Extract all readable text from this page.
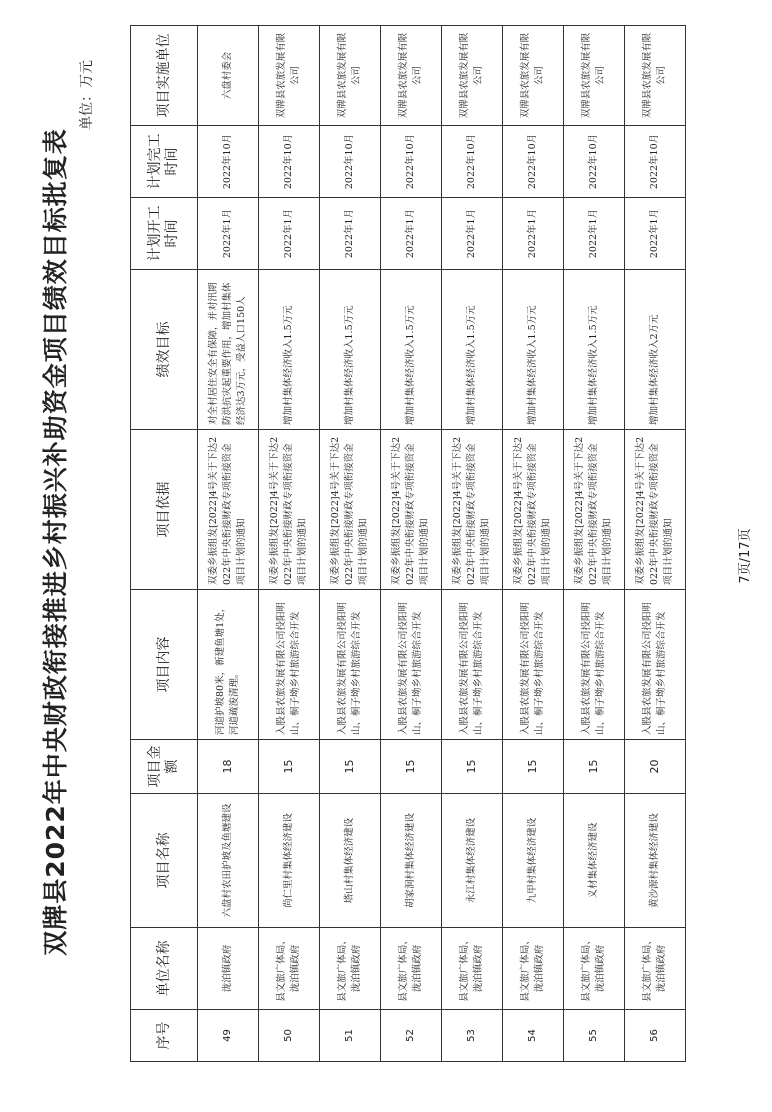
双牌县2022年中央财政衔接推进乡村振兴补助资金项目绩效目标批复表
单位：万元
序号	单位名称	项目名称	项目金额	项目内容	项目依据	绩效目标	计划开工时间	计划完工时间	项目实施单位
49	泷泊镇政府	六盘村农田护坡及鱼塘建设	18	河道护坡80米，新建鱼塘1处，河道疏浚清理。	双委乡振组发[2022]4号关于下达2022年中央衔接财政专项衔接资金项目计划的通知	对全村居住安全有保障，并对汛期防洪抗灾起重要作用，增加村集体经济达3万元，受益人口150人	2022年1月	2022年10月	六盘村委会
50	县文旅广体局、泷泊镇政府	尚仁里村集体经济建设	15	入股县农旅发展有限公司投阳明山、桐子坳乡村旅游综合开发	双委乡振组发[2022]4号关于下达2022年中央衔接财政专项衔接资金项目计划的通知	增加村集体经济收入1.5万元	2022年1月	2022年10月	双牌县农旅发展有限公司
51	县文旅广体局、泷泊镇政府	塔山村集体经济建设	15	入股县农旅发展有限公司投阳明山、桐子坳乡村旅游综合开发	双委乡振组发[2022]4号关于下达2022年中央衔接财政专项衔接资金项目计划的通知	增加村集体经济收入1.5万元	2022年1月	2022年10月	双牌县农旅发展有限公司
52	县文旅广体局、泷泊镇政府	胡家洞村集体经济建设	15	入股县农旅发展有限公司投阳明山、桐子坳乡村旅游综合开发	双委乡振组发[2022]4号关于下达2022年中央衔接财政专项衔接资金项目计划的通知	增加村集体经济收入1.5万元	2022年1月	2022年10月	双牌县农旅发展有限公司
53	县文旅广体局、泷泊镇政府	永江村集体经济建设	15	入股县农旅发展有限公司投阳明山、桐子坳乡村旅游综合开发	双委乡振组发[2022]4号关于下达2022年中央衔接财政专项衔接资金项目计划的通知	增加村集体经济收入1.5万元	2022年1月	2022年10月	双牌县农旅发展有限公司
54	县文旅广体局、泷泊镇政府	九甲村集体经济建设	15	入股县农旅发展有限公司投阳明山、桐子坳乡村旅游综合开发	双委乡振组发[2022]4号关于下达2022年中央衔接财政专项衔接资金项目计划的通知	增加村集体经济收入1.5万元	2022年1月	2022年10月	双牌县农旅发展有限公司
55	县文旅广体局、泷泊镇政府	义材集体经济建设	15	入股县农旅发展有限公司投阳明山、桐子坳乡村旅游综合开发	双委乡振组发[2022]4号关于下达2022年中央衔接财政专项衔接资金项目计划的通知	增加村集体经济收入1.5万元	2022年1月	2022年10月	双牌县农旅发展有限公司
56	县文旅广体局、泷泊镇政府	黄沙源村集体经济建设	20	入股县农旅发展有限公司投阳明山、桐子坳乡村旅游综合开发	双委乡振组发[2022]4号关于下达2022年中央衔接财政专项衔接资金项目计划的通知	增加村集体经济收入2万元	2022年1月	2022年10月	双牌县农旅发展有限公司
7页/17页
